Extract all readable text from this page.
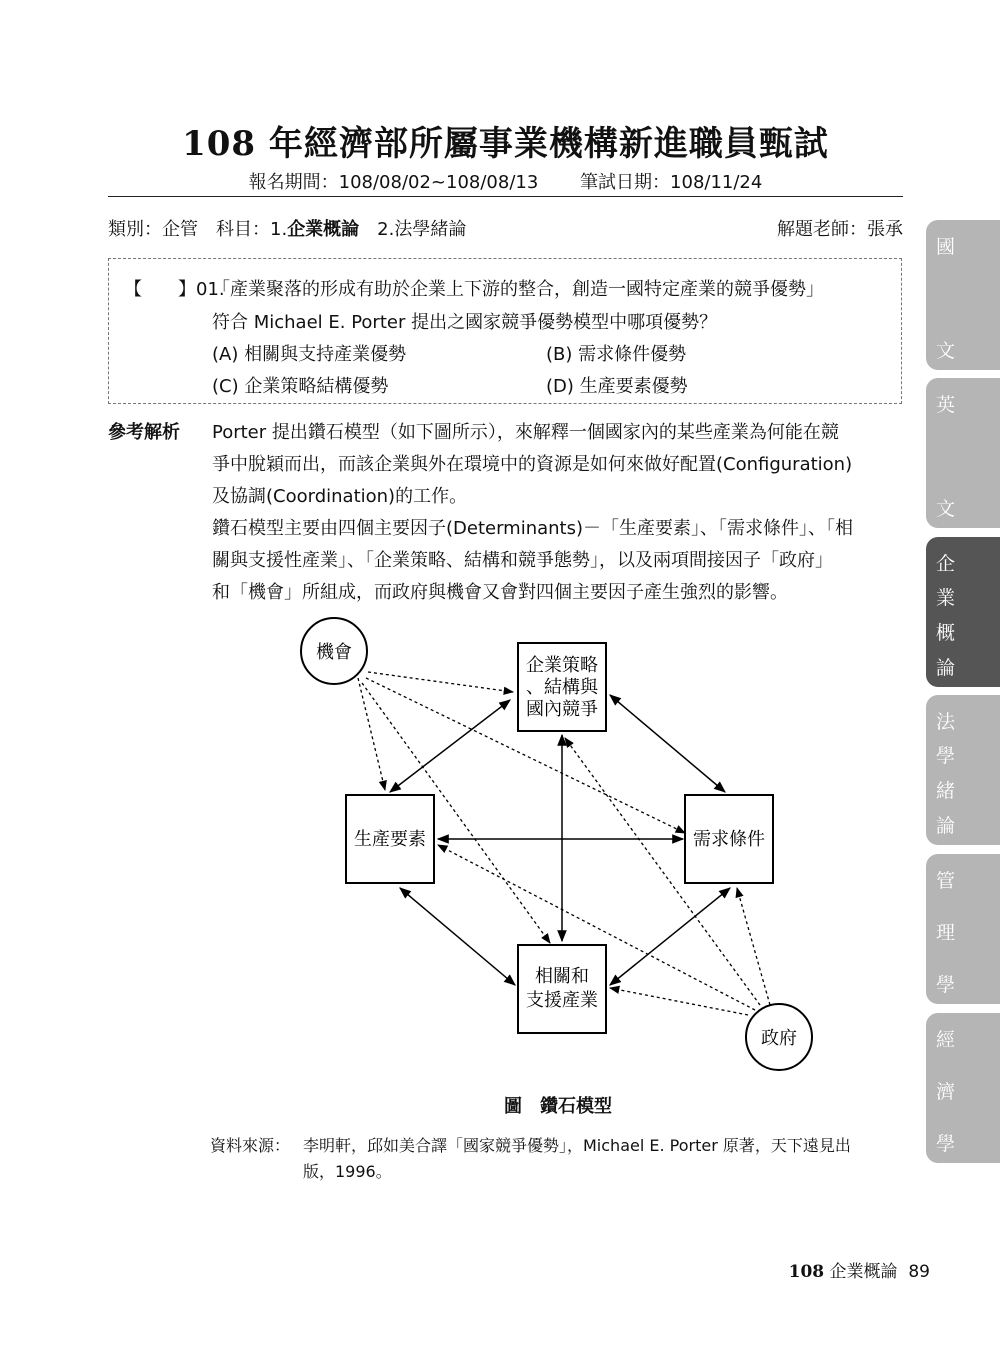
108 年經濟部所屬事業機構新進職員甄試
報名期間：108/08/02~108/08/13 筆試日期：108/11/24
類別：企管　科目：1.企業概論　2.法學緒論	解題老師：張承
【　　】01.
「產業聚落的形成有助於企業上下游的整合，創造一國特定產業的競爭優勢」
符合 Michael E. Porter 提出之國家競爭優勢模型中哪項優勢？
(A) 相關與支持產業優勢	(B) 需求條件優勢
(C) 企業策略結構優勢	(D) 生產要素優勢
參考解析 Porter 提出鑽石模型（如下圖所示），來解釋一個國家內的某些產業為何能在競
爭中脫穎而出，而該企業與外在環境中的資源是如何來做好配置(Configuration)
及協調(Coordination)的工作。
鑽石模型主要由四個主要因子(Determinants)－「生產要素」、「需求條件」、「相
關與支援性產業」、「企業策略、結構和競爭態勢」，以及兩項間接因子「政府」
和「機會」所組成，而政府與機會又會對四個主要因子產生強烈的影響。
機會
政府
企業策略
、結構與
國內競爭
生產要素	需求條件
相關和
支援產業
圖　鑽石模型
資料來源： 李明軒，邱如美合譯「國家競爭優勢」，Michael E. Porter 原著，天下遠見出
版，1996。
108 企業概論 89
國
文
英
文
企
業
概
論
法
學
緒
論
管
理
學
經
濟
學
